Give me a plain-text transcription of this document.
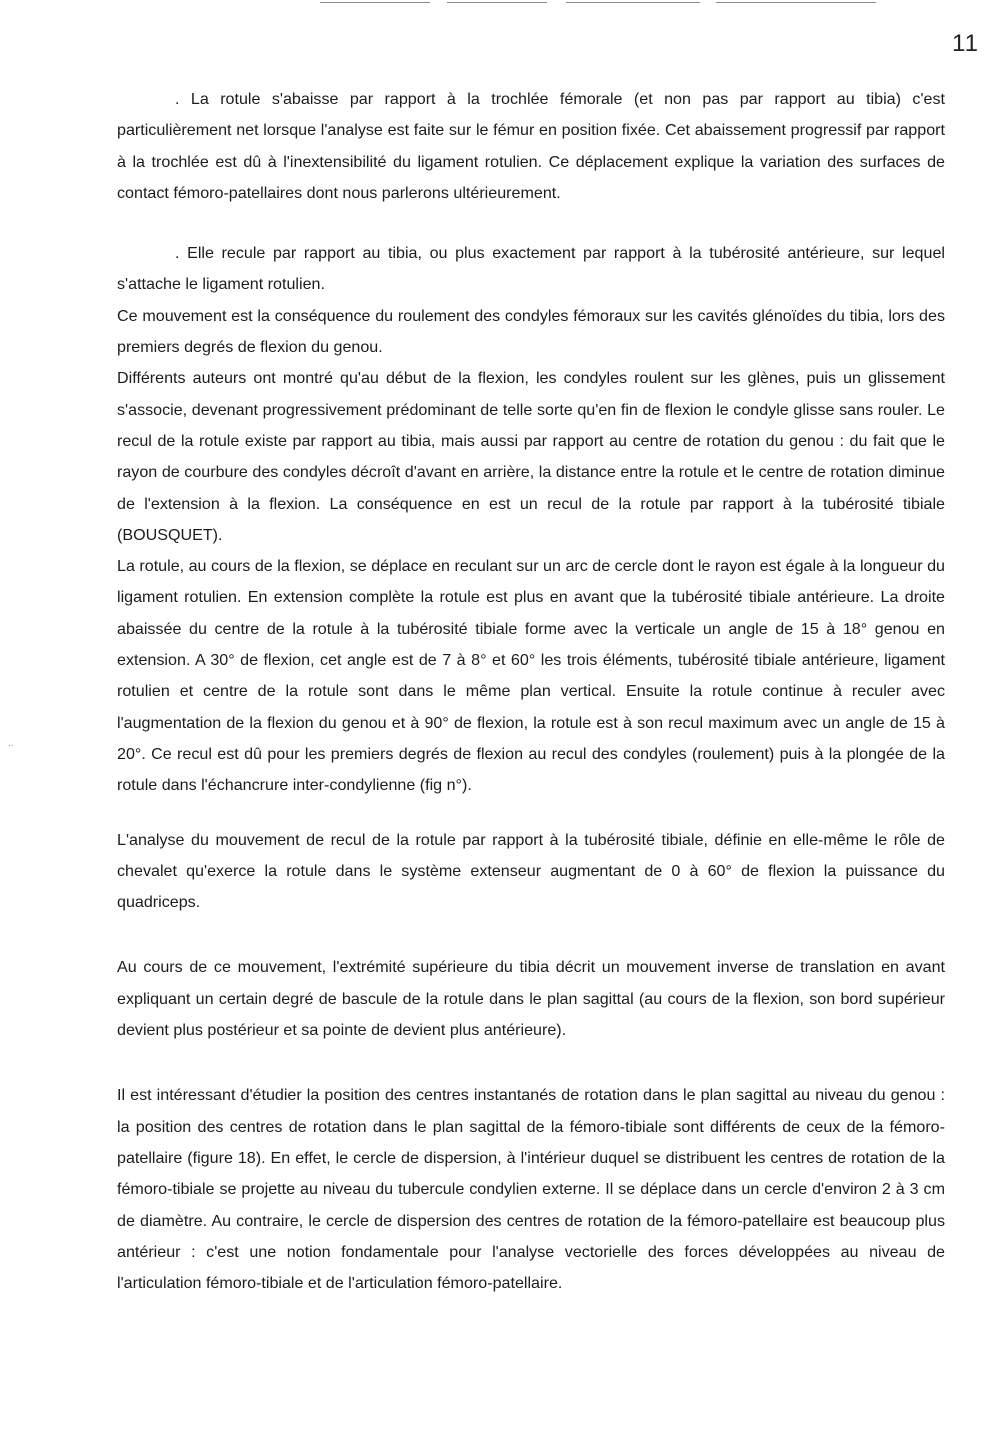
11
..

. La rotule s'abaisse par rapport à la trochlée fémorale (et non pas par rapport au tibia) c'est particulièrement net lorsque l'analyse est faite sur le fémur en position fixée. Cet abaissement progressif par rapport à la trochlée est dû à l'inextensibilité du ligament rotulien. Ce déplacement explique la variation des surfaces de contact fémoro-patellaires dont nous parlerons ultérieurement.

. Elle recule par rapport au tibia, ou plus exactement par rapport à la tubérosité antérieure, sur lequel s'attache le ligament rotulien.

Ce mouvement est la conséquence du roulement des condyles fémoraux sur les cavités glénoïdes du tibia, lors des premiers degrés de flexion du genou.

Différents auteurs ont montré qu'au début de la flexion, les condyles roulent sur les glènes, puis un glissement s'associe, devenant progressivement prédominant de telle sorte qu'en fin de flexion le condyle glisse sans rouler. Le recul de la rotule existe par rapport au tibia, mais aussi par rapport au centre de rotation du genou : du fait que le rayon de courbure des condyles décroît d'avant en arrière, la distance entre la rotule et le centre de rotation diminue de l'extension à la flexion. La conséquence en est un recul de la rotule par rapport à la tubérosité tibiale (BOUSQUET).

La rotule, au cours de la flexion, se déplace en reculant sur un arc de cercle dont le rayon est égale à la longueur du ligament rotulien. En extension complète la rotule est plus en avant que la tubérosité tibiale antérieure. La droite abaissée du centre de la rotule à la tubérosité tibiale forme avec la verticale un angle de 15 à 18° genou en extension. A 30° de flexion, cet angle est de 7 à 8° et 60° les trois éléments, tubérosité tibiale antérieure, ligament rotulien et centre de la rotule sont dans le même plan vertical. Ensuite la rotule continue à reculer avec l'augmentation de la flexion du genou et à 90° de flexion, la rotule est à son recul maximum avec un angle de 15 à 20°. Ce recul est dû pour les premiers degrés de flexion au recul des condyles (roulement) puis à la plongée de la rotule dans l'échancrure inter-condylienne (fig n°).

L'analyse du mouvement de recul de la rotule par rapport à la tubérosité tibiale, définie en elle-même le rôle de chevalet qu'exerce la rotule dans le système extenseur augmentant de 0 à 60° de flexion la puissance du quadriceps.

Au cours de ce mouvement, l'extrémité supérieure du tibia décrit un mouvement inverse de translation en avant expliquant un certain degré de bascule de la rotule dans le plan sagittal (au cours de la flexion, son bord supérieur devient plus postérieur et sa pointe de devient plus antérieure).

Il est intéressant d'étudier la position des centres instantanés de rotation dans le plan sagittal au niveau du genou : la position des centres de rotation dans le plan sagittal de la fémoro-tibiale sont différents de ceux de la fémoro-patellaire (figure 18). En effet, le cercle de dispersion, à l'intérieur duquel se distribuent les centres de rotation de la fémoro-tibiale se projette au niveau du tubercule condylien externe. Il se déplace dans un cercle d'environ 2 à 3 cm de diamètre. Au contraire, le cercle de dispersion des centres de rotation de la fémoro-patellaire est beaucoup plus antérieur : c'est une notion fondamentale pour l'analyse vectorielle des forces développées au niveau de l'articulation fémoro-tibiale et de l'articulation fémoro-patellaire.
